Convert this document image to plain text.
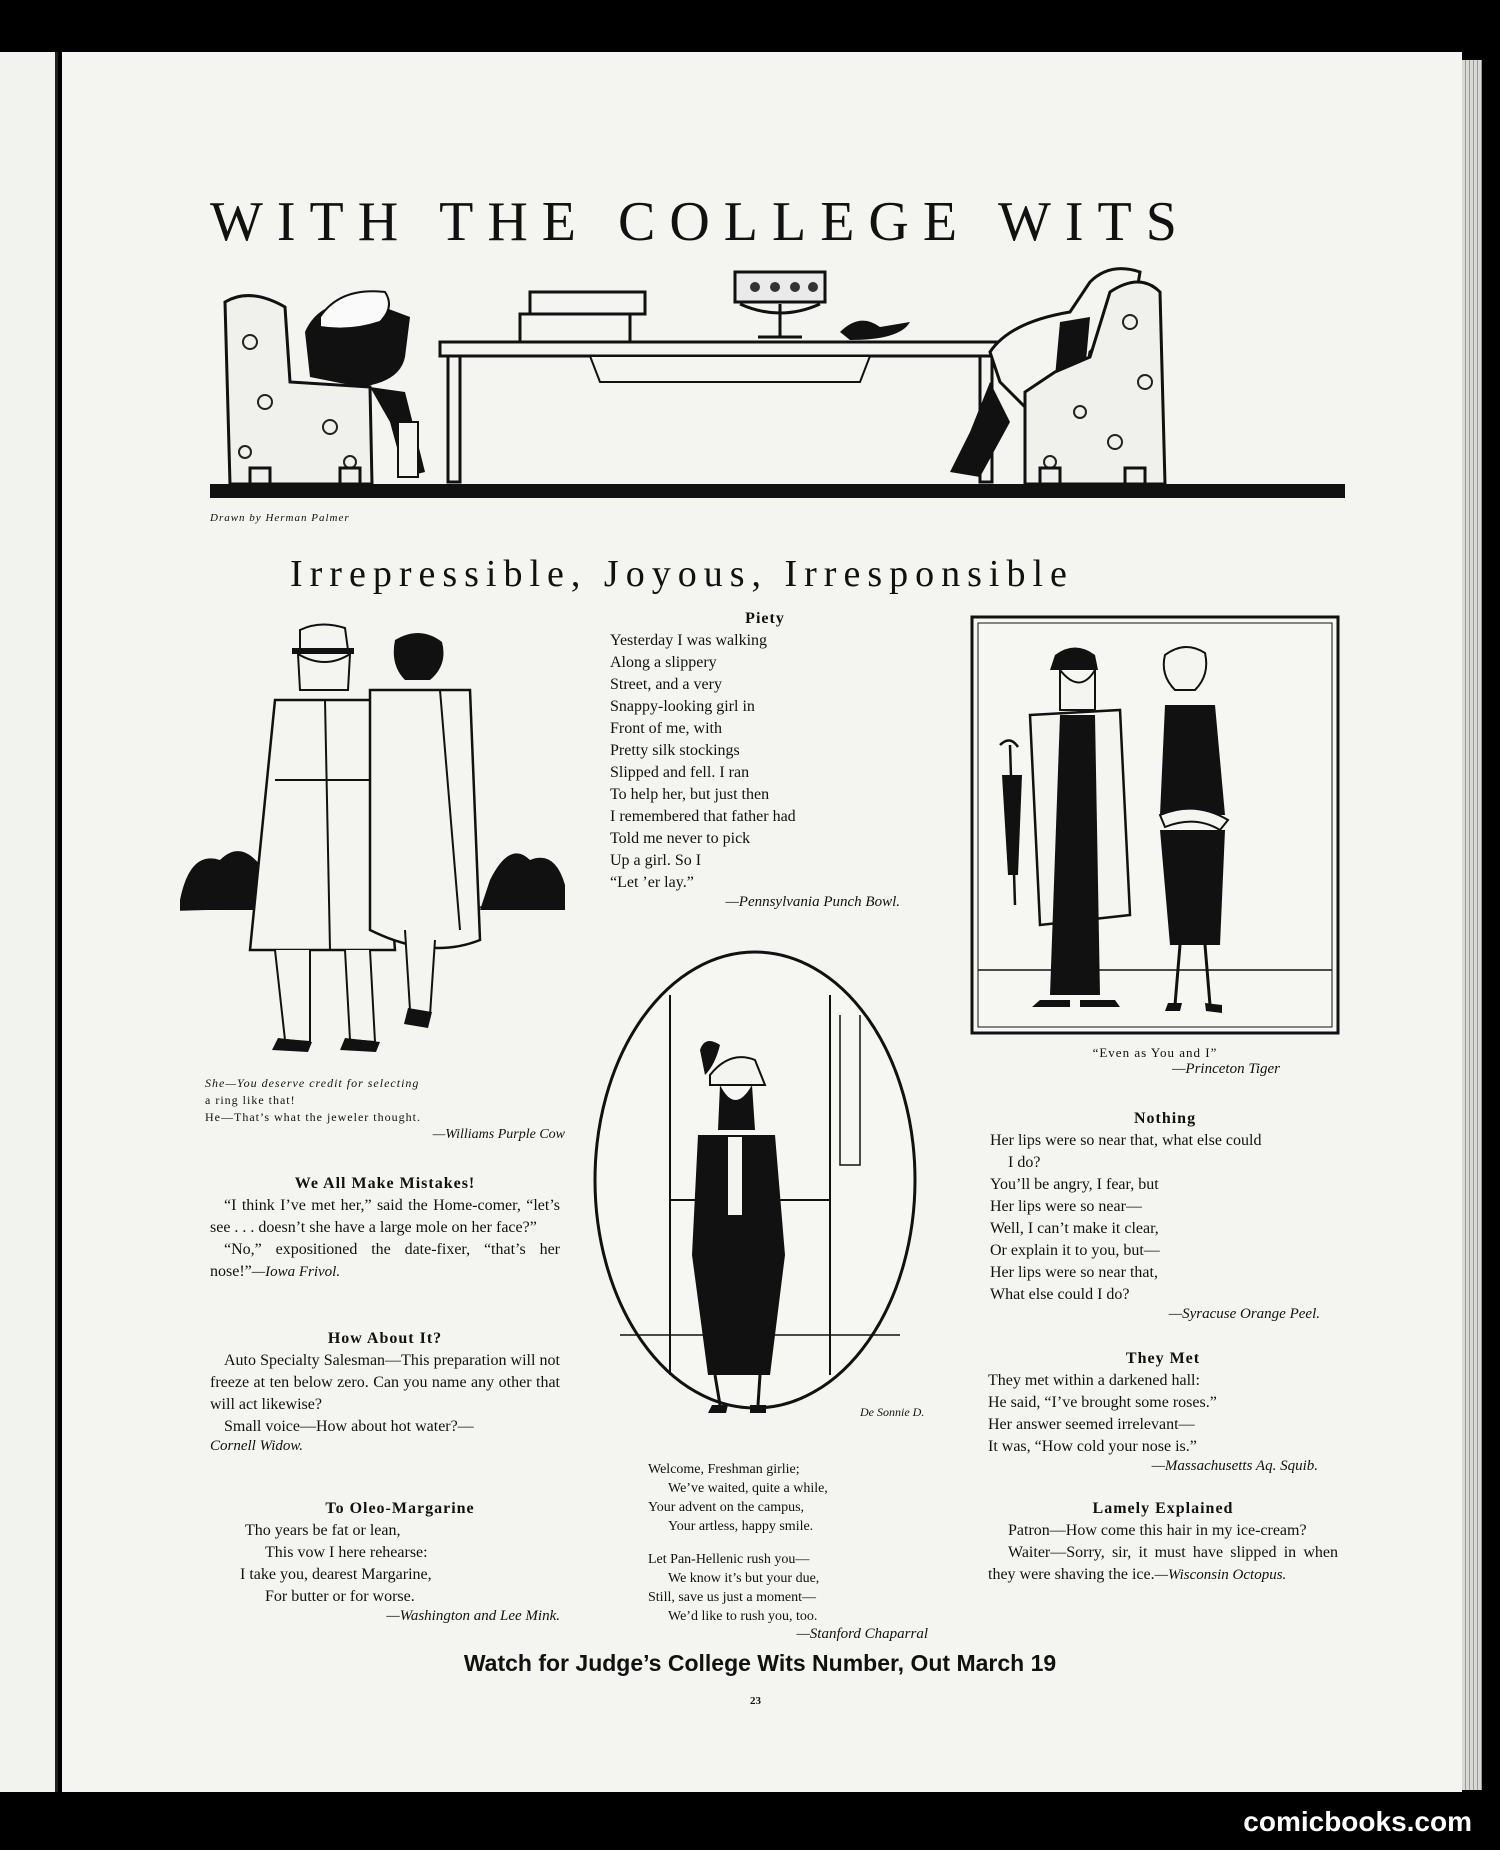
WITH THE COLLEGE WITS
Drawn by Herman Palmer
Irrepressible, Joyous, Irresponsible
She—You deserve credit for selecting
a ring like that!
He—That’s what the jeweler thought.
—Williams Purple Cow
Piety
Yesterday I was walking
Along a slippery
Street, and a very
Snappy-looking girl in
Front of me, with
Pretty silk stockings
Slipped and fell. I ran
To help her, but just then
I remembered that father had
Told me never to pick
Up a girl. So I
“Let ’er lay.”
—Pennsylvania Punch Bowl.
“Even as You and I”
—Princeton Tiger
We All Make Mistakes!
“I think I’ve met her,” said the Home-comer, “let’s see . . . doesn’t she have a large mole on her face?”
“No,” expositioned the date-fixer, “that’s her nose!”—Iowa Frivol.
How About It?
Auto Specialty Salesman—This preparation will not freeze at ten below zero. Can you name any other that will act likewise?
Small voice—How about hot water?—
Cornell Widow.
To Oleo-Margarine
Tho years be fat or lean,
This vow I here rehearse:
I take you, dearest Margarine,
For butter or for worse.
—Washington and Lee Mink.
De Sonnie D.
Welcome, Freshman girlie;
We’ve waited, quite a while,
Your advent on the campus,
Your artless, happy smile.
Let Pan-Hellenic rush you—
We know it’s but your due,
Still, save us just a moment—
We’d like to rush you, too.
—Stanford Chaparral
Nothing
Her lips were so near that, what else could
I do?
You’ll be angry, I fear, but
Her lips were so near—
Well, I can’t make it clear,
Or explain it to you, but—
Her lips were so near that,
What else could I do?
—Syracuse Orange Peel.
They Met
They met within a darkened hall:
He said, “I’ve brought some roses.”
Her answer seemed irrelevant—
It was, “How cold your nose is.”
—Massachusetts Aq. Squib.
Lamely Explained
Patron—How come this hair in my ice-cream?
Waiter—Sorry, sir, it must have slipped in when they were shaving the ice.—Wisconsin Octopus.
Watch for Judge’s College Wits Number, Out March 19
23
comicbooks.com
